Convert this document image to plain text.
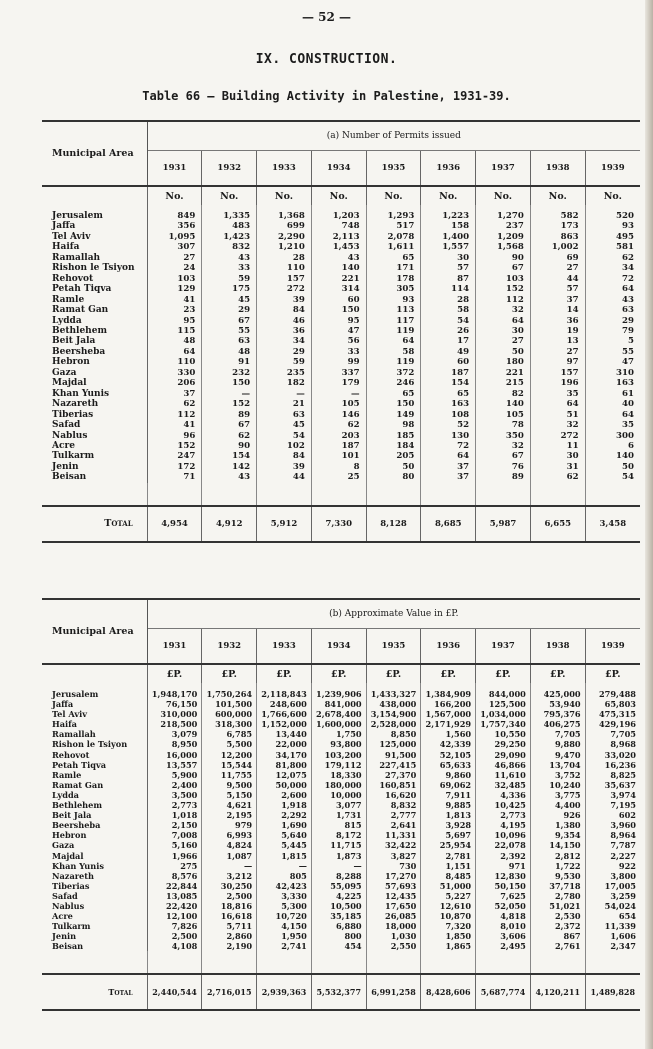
— 52 —
IX. CONSTRUCTION.
Table 66 — Building Activity in Palestine, 1931-39.
Municipal Area	(a) Number of Permits issued								
	1931	1932	1933	1934	1935	1936	1937	1938	1939
	No.	No.	No.	No.	No.	No.	No.	No.	No.
Jerusalem	849	1,335	1,368	1,203	1,293	1,223	1,270	582	520
Jaffa	356	483	699	748	517	158	237	173	93
Tel Aviv	1,095	1,423	2,290	2,113	2,078	1,400	1,209	863	495
Haifa	307	832	1,210	1,453	1,611	1,557	1,568	1,002	581
Ramallah	27	43	28	43	65	30	90	69	62
Rishon le Tsiyon	24	33	110	140	171	57	67	27	34
Rehovot	103	59	157	221	178	87	103	44	72
Petah Tiqva	129	175	272	314	305	114	152	57	64
Ramle	41	45	39	60	93	28	112	37	43
Ramat Gan	23	29	84	150	113	58	32	14	63
Lydda	95	67	46	95	117	54	64	36	29
Bethlehem	115	55	36	47	119	26	30	19	79
Beit Jala	48	63	34	56	64	17	27	13	5
Beersheba	64	48	29	33	58	49	50	27	55
Hebron	110	91	59	99	119	60	180	97	47
Gaza	330	232	235	337	372	187	221	157	310
Majdal	206	150	182	179	246	154	215	196	163
Khan Yunis	37	—	—	—	65	65	82	35	61
Nazareth	62	152	21	105	150	163	140	64	40
Tiberias	112	89	63	146	149	108	105	51	64
Safad	41	67	45	62	98	52	78	32	35
Nablus	96	62	54	203	185	130	350	272	300
Acre	152	90	102	187	184	72	32	11	6
Tulkarm	247	154	84	101	205	64	67	30	140
Jenin	172	142	39	8	50	37	76	31	50
Beisan	71	43	44	25	80	37	89	62	54

Total	4,954	4,912	5,912	7,330	8,128	8,685	5,987	6,655	3,458
Municipal Area	(b) Approximate Value in £P.								
	1931	1932	1933	1934	1935	1936	1937	1938	1939
	£P.	£P.	£P.	£P.	£P.	£P.	£P.	£P.	£P.
Jerusalem	1,948,170	1,750,264	2,118,843	1,239,906	1,433,327	1,384,909	844,000	425,000	279,488
Jaffa	76,150	101,500	248,600	841,000	438,000	166,200	125,500	53,940	65,803
Tel Aviv	310,000	600,000	1,766,600	2,678,400	3,154,900	1,567,000	1,034,000	795,376	475,315
Haifa	218,500	318,300	1,152,000	1,600,000	2,528,000	2,171,929	1,757,340	406,275	429,196
Ramallah	3,079	6,785	13,440	1,750	8,850	1,560	10,550	7,705	7,705
Rishon le Tsiyon	8,950	5,500	22,000	93,800	125,000	42,339	29,250	9,880	8,968
Rehovot	16,000	12,200	34,170	103,200	91,500	52,105	29,090	9,470	33,020
Petah Tiqva	13,557	15,544	81,800	179,112	227,415	65,633	46,866	13,704	16,236
Ramle	5,900	11,755	12,075	18,330	27,370	9,860	11,610	3,752	8,825
Ramat Gan	2,400	9,500	50,000	180,000	160,851	69,062	32,485	10,240	35,637
Lydda	3,500	5,150	2,600	10,000	16,620	7,911	4,336	3,775	3,974
Bethlehem	2,773	4,621	1,918	3,077	8,832	9,885	10,425	4,400	7,195
Beit Jala	1,018	2,195	2,292	1,731	2,777	1,813	2,773	926	602
Beersheba	2,150	979	1,690	815	2,641	3,928	4,195	1,380	3,960
Hebron	7,008	6,993	5,640	8,172	11,331	5,697	10,096	9,354	8,964
Gaza	5,160	4,824	5,445	11,715	32,422	25,954	22,078	14,150	7,787
Majdal	1,966	1,087	1,815	1,873	3,827	2,781	2,392	2,812	2,227
Khan Yunis	275	—	—	—	730	1,151	971	1,722	922
Nazareth	8,576	3,212	805	8,288	17,270	8,485	12,830	9,530	3,800
Tiberias	22,844	30,250	42,423	55,095	57,693	51,000	50,150	37,718	17,005
Safad	13,085	2,500	3,330	4,225	12,435	5,227	7,625	2,780	3,259
Nablus	22,420	18,816	5,300	10,500	17,650	12,610	52,050	51,021	54,024
Acre	12,100	16,618	10,720	35,185	26,085	10,870	4,818	2,530	654
Tulkarm	7,826	5,711	4,150	6,880	18,000	7,320	8,010	2,372	11,339
Jenin	2,500	2,860	1,950	800	1,030	1,850	3,606	867	1,606
Beisan	4,108	2,190	2,741	454	2,550	1,865	2,495	2,761	2,347

Total	2,440,544	2,716,015	2,939,363	5,532,377	6,991,258	8,428,606	5,687,774	4,120,211	1,489,828
